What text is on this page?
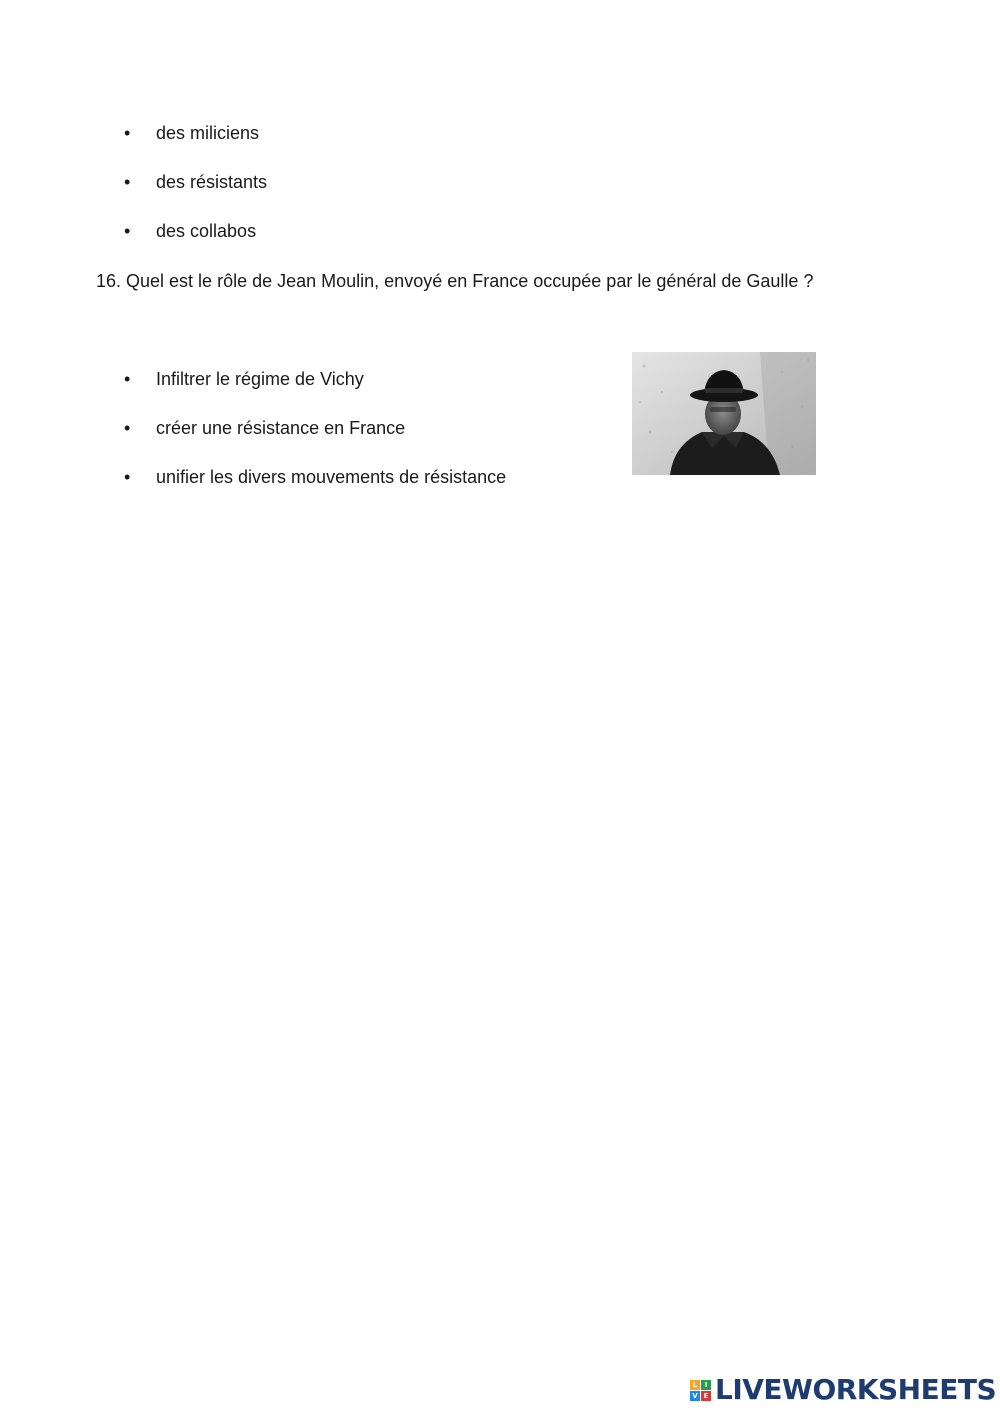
• des miliciens
• des résistants
• des collabos
16. Quel est le rôle de Jean Moulin, envoyé en France occupée par le général de Gaulle ?
• Infiltrer le régime de Vichy
• créer une résistance en France
• unifier les divers mouvements de résistance
L	I
V E LIVEWORKSHEETS
